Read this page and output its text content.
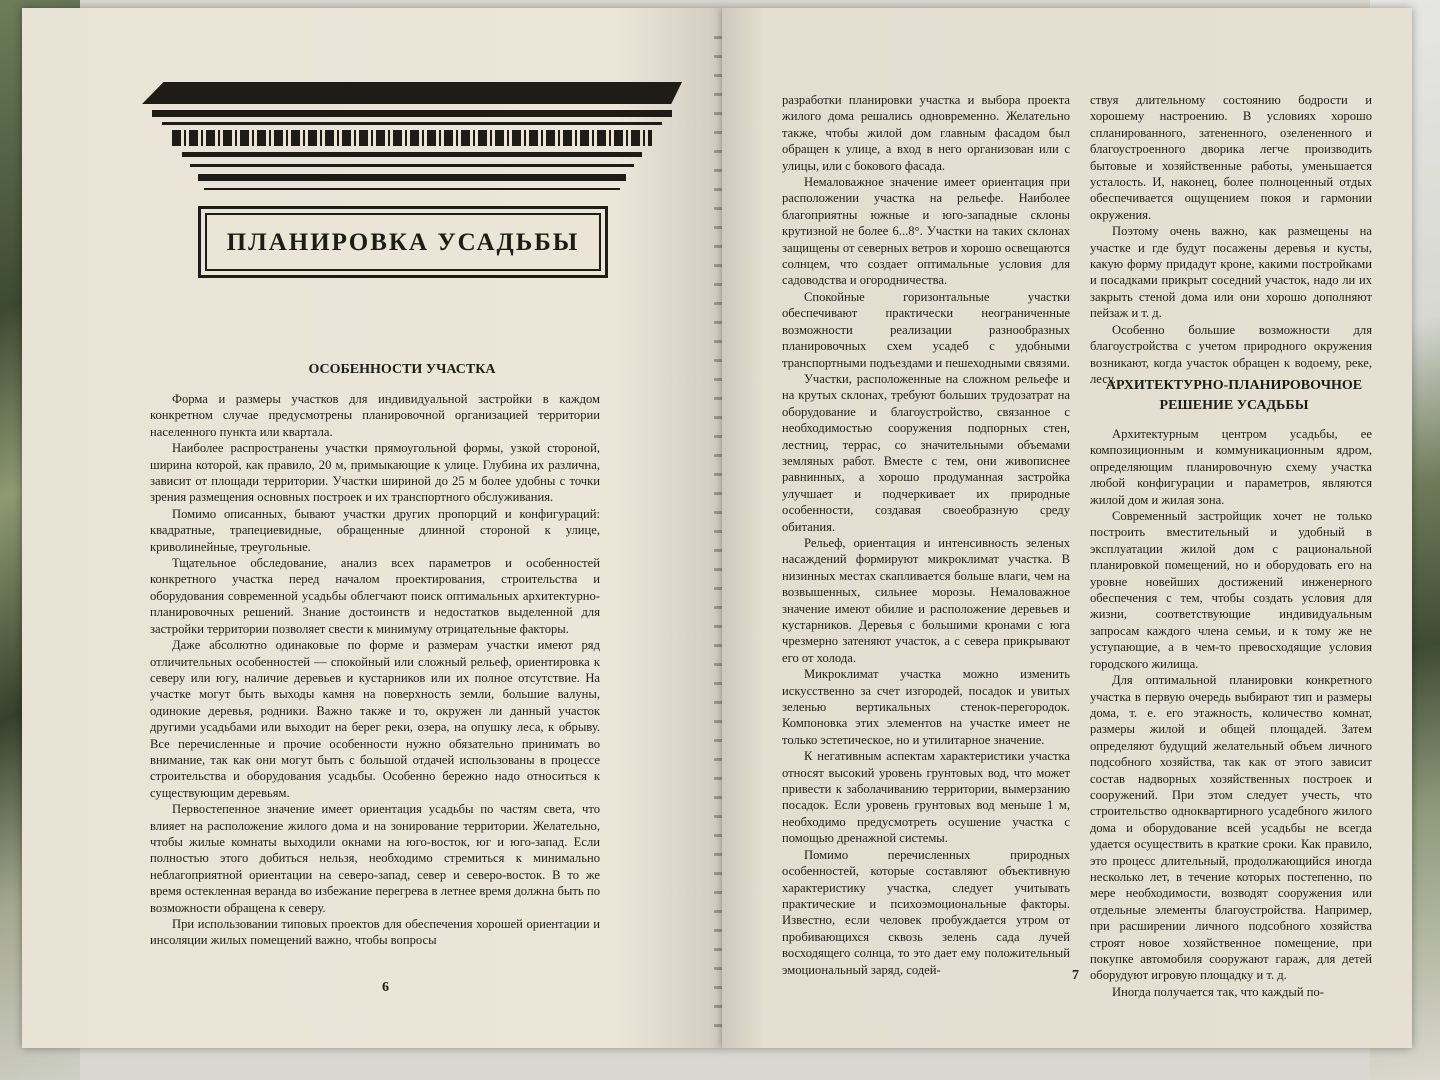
ПЛАНИРОВКА УСАДЬБЫ
ОСОБЕННОСТИ УЧАСТКА

Форма и размеры участков для индивидуальной застройки в каждом конкретном случае предусмотрены планировочной организацией территории населенного пункта или квартала.

Наиболее распространены участки прямоугольной формы, узкой стороной, ширина которой, как правило, 20 м, примыкающие к улице. Глубина их различна, зависит от площади территории. Участки шириной до 25 м более удобны с точки зрения размещения основных построек и их транспортного обслуживания.

Помимо описанных, бывают участки других пропорций и конфигураций: квадратные, трапециевидные, обращенные длинной стороной к улице, криволинейные, треугольные.

Тщательное обследование, анализ всех параметров и особенностей конкретного участка перед началом проектирования, строительства и оборудования современной усадьбы облегчают поиск оптимальных архитектурно-планировочных решений. Знание достоинств и недостатков выделенной для застройки территории позволяет свести к минимуму отрицательные факторы.

Даже абсолютно одинаковые по форме и размерам участки имеют ряд отличительных особенностей — спокойный или сложный рельеф, ориентировка к северу или югу, наличие деревьев и кустарников или их полное отсутствие. На участке могут быть выходы камня на поверхность земли, большие валуны, одинокие деревья, родники. Важно также и то, окружен ли данный участок другими усадьбами или выходит на берег реки, озера, на опушку леса, к обрыву. Все перечисленные и прочие особенности нужно обязательно принимать во внимание, так как они могут быть с большой отдачей использованы в процессе строительства и оборудования усадьбы. Особенно бережно надо относиться к существующим деревьям.

Первостепенное значение имеет ориентация усадьбы по частям света, что влияет на расположение жилого дома и на зонирование территории. Желательно, чтобы жилые комнаты выходили окнами на юго-восток, юг и юго-запад. Если полностью этого добиться нельзя, необходимо стремиться к минимально неблагоприятной ориентации на северо-запад, север и северо-восток. В то же время остекленная веранда во избежание перегрева в летнее время должна быть по возможности обращена к северу.

При использовании типовых проектов для обеспечения хорошей ориентации и инсоляции жилых помещений важно, чтобы вопросы

6

разработки планировки участка и выбора проекта жилого дома решались одновременно. Желательно также, чтобы жилой дом главным фасадом был обращен к улице, а вход в него организован или с улицы, или с бокового фасада.

Немаловажное значение имеет ориентация при расположении участка на рельефе. Наиболее благоприятны южные и юго-западные склоны крутизной не более 6...8°. Участки на таких склонах защищены от северных ветров и хорошо освещаются солнцем, что создает оптимальные условия для садоводства и огородничества.

Спокойные горизонтальные участки обеспечивают практически неограниченные возможности реализации разнообразных планировочных схем усадеб с удобными транспортными подъездами и пешеходными связями.

Участки, расположенные на сложном рельефе и на крутых склонах, требуют больших трудозатрат на оборудование и благоустройство, связанное с необходимостью сооружения подпорных стен, лестниц, террас, со значительными объемами земляных работ. Вместе с тем, они живописнее равнинных, а хорошо продуманная застройка улучшает и подчеркивает их природные особенности, создавая своеобразную среду обитания.

Рельеф, ориентация и интенсивность зеленых насаждений формируют микроклимат участка. В низинных местах скапливается больше влаги, чем на возвышенных, сильнее морозы. Немаловажное значение имеют обилие и расположение деревьев и кустарников. Деревья с большими кронами с юга чрезмерно затеняют участок, а с севера прикрывают его от холода.

Микроклимат участка можно изменить искусственно за счет изгородей, посадок и увитых зеленью вертикальных стенок-перегородок. Компоновка этих элементов на участке имеет не только эстетическое, но и утилитарное значение.

К негативным аспектам характеристики участка относят высокий уровень грунтовых вод, что может привести к заболачиванию территории, вымерзанию посадок. Если уровень грунтовых вод меньше 1 м, необходимо предусмотреть осушение участка с помощью дренажной системы.

Помимо перечисленных природных особенностей, которые составляют объективную характеристику участка, следует учитывать практические и психоэмоциональные факторы. Известно, если человек пробуждается утром от пробивающихся сквозь зелень сада лучей восходящего солнца, то это дает ему положительный эмоциональный заряд, содей-

ствуя длительному состоянию бодрости и хорошему настроению. В условиях хорошо спланированного, затененного, озелененного и благоустроенного дворика легче производить бытовые и хозяйственные работы, уменьшается усталость. И, наконец, более полноценный отдых обеспечивается ощущением покоя и гармонии окружения.

Поэтому очень важно, как размещены на участке и где будут посажены деревья и кусты, какую форму придадут кроне, какими постройками и посадками прикрыт соседний участок, надо ли их закрыть стеной дома или они хорошо дополняют пейзаж и т. д.

Особенно большие возможности для благоустройства с учетом природного окружения возникают, когда участок обращен к водоему, реке, лесу.

АРХИТЕКТУРНО-ПЛАНИРОВОЧНОЕ
РЕШЕНИЕ УСАДЬБЫ

Архитектурным центром усадьбы, ее композиционным и коммуникационным ядром, определяющим планировочную схему участка любой конфигурации и параметров, являются жилой дом и жилая зона.

Современный застройщик хочет не только построить вместительный и удобный в эксплуатации жилой дом с рациональной планировкой помещений, но и оборудовать его на уровне новейших достижений инженерного обеспечения с тем, чтобы создать условия для жизни, соответствующие индивидуальным запросам каждого члена семьи, и к тому же не уступающие, а в чем-то превосходящие условия городского жилища.

Для оптимальной планировки конкретного участка в первую очередь выбирают тип и размеры дома, т. е. его этажность, количество комнат, размеры жилой и общей площадей. Затем определяют будущий желательный объем личного подсобного хозяйства, так как от этого зависит состав надворных хозяйственных построек и сооружений. При этом следует учесть, что строительство одноквартирного усадебного жилого дома и оборудование всей усадьбы не всегда удается осуществить в краткие сроки. Как правило, это процесс длительный, продолжающийся иногда несколько лет, в течение которых постепенно, по мере необходимости, возводят сооружения или отдельные элементы благоустройства. Например, при расширении личного подсобного хозяйства строят новое хозяйственное помещение, при покупке автомобиля сооружают гараж, для детей оборудуют игровую площадку и т. д.

Иногда получается так, что каждый по-

7
